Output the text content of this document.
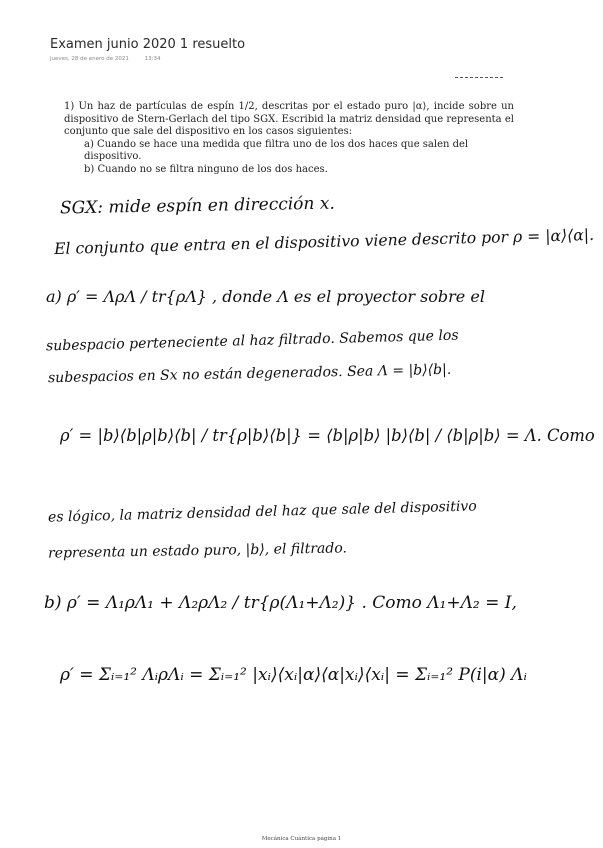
Examen junio 2020 1 resuelto
jueves, 28 de enero de 2021	13:34

1) Un haz de partículas de espín 1/2, descritas por el estado puro |α⟩, incide sobre un dispositivo de Stern-Gerlach del tipo SGX. Escribid la matriz densidad que representa el conjunto que sale del dispositivo en los casos siguientes:

a) Cuando se hace una medida que filtra uno de los dos haces que salen del dispositivo.

b) Cuando no se filtra ninguno de los dos haces.

SGX: mide espín en dirección x.
El conjunto que entra en el dispositivo viene descrito por ρ = |α⟩⟨α|.
a) ρ′ = ΛρΛ / tr{ρΛ} , donde Λ es el proyector sobre el
subespacio perteneciente al haz filtrado. Sabemos que los
subespacios en Sx no están degenerados. Sea Λ = |b⟩⟨b|.
ρ′ = |b⟩⟨b|ρ|b⟩⟨b| / tr{ρ|b⟩⟨b|} = ⟨b|ρ|b⟩ |b⟩⟨b| / ⟨b|ρ|b⟩ = Λ. Como
es lógico, la matriz densidad del haz que sale del dispositivo
representa un estado puro, |b⟩, el filtrado.
b) ρ′ = Λ₁ρΛ₁ + Λ₂ρΛ₂ / tr{ρ(Λ₁+Λ₂)} . Como Λ₁+Λ₂ = I,
ρ′ = Σᵢ₌₁² ΛᵢρΛᵢ = Σᵢ₌₁² |xᵢ⟩⟨xᵢ|α⟩⟨α|xᵢ⟩⟨xᵢ| = Σᵢ₌₁² P(i|α) Λᵢ
Mecánica Cuántica página 1
